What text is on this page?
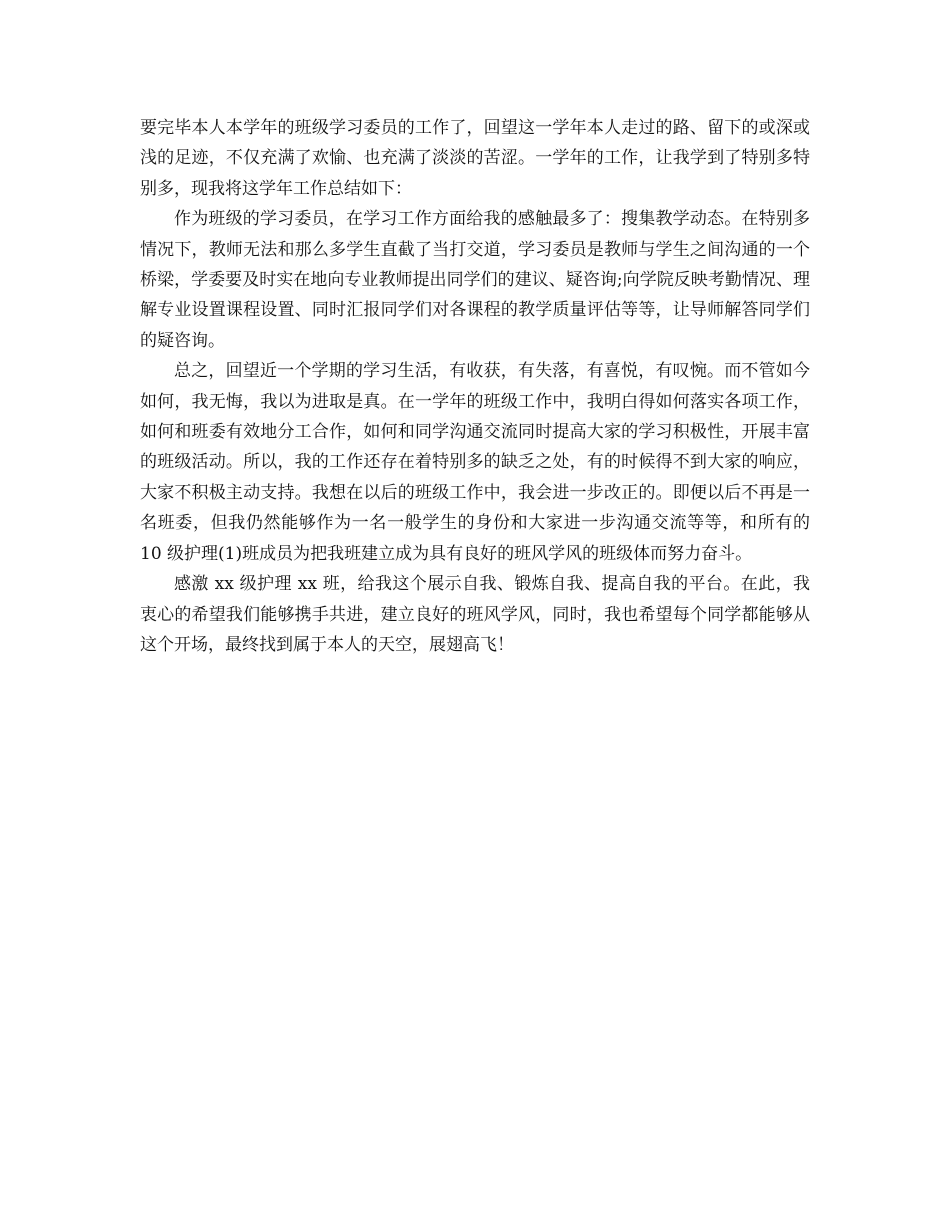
要完毕本人本学年的班级学习委员的工作了，回望这一学年本人走过的路、留下的或深或浅的足迹，不仅充满了欢愉、也充满了淡淡的苦涩。一学年的工作，让我学到了特别多特别多，现我将这学年工作总结如下：

作为班级的学习委员，在学习工作方面给我的感触最多了：搜集教学动态。在特别多情况下，教师无法和那么多学生直截了当打交道，学习委员是教师与学生之间沟通的一个桥梁，学委要及时实在地向专业教师提出同学们的建议、疑咨询;向学院反映考勤情况、理解专业设置课程设置、同时汇报同学们对各课程的教学质量评估等等，让导师解答同学们的疑咨询。

总之，回望近一个学期的学习生活，有收获，有失落，有喜悦，有叹惋。而不管如今如何，我无悔，我以为进取是真。在一学年的班级工作中，我明白得如何落实各项工作，如何和班委有效地分工合作，如何和同学沟通交流同时提高大家的学习积极性，开展丰富的班级活动。所以，我的工作还存在着特别多的缺乏之处，有的时候得不到大家的响应，大家不积极主动支持。我想在以后的班级工作中，我会进一步改正的。即便以后不再是一名班委，但我仍然能够作为一名一般学生的身份和大家进一步沟通交流等等，和所有的 10 级护理(1)班成员为把我班建立成为具有良好的班风学风的班级体而努力奋斗。

感激 xx 级护理 xx 班，给我这个展示自我、锻炼自我、提高自我的平台。在此，我衷心的希望我们能够携手共进，建立良好的班风学风，同时，我也希望每个同学都能够从这个开场，最终找到属于本人的天空，展翅高飞！
